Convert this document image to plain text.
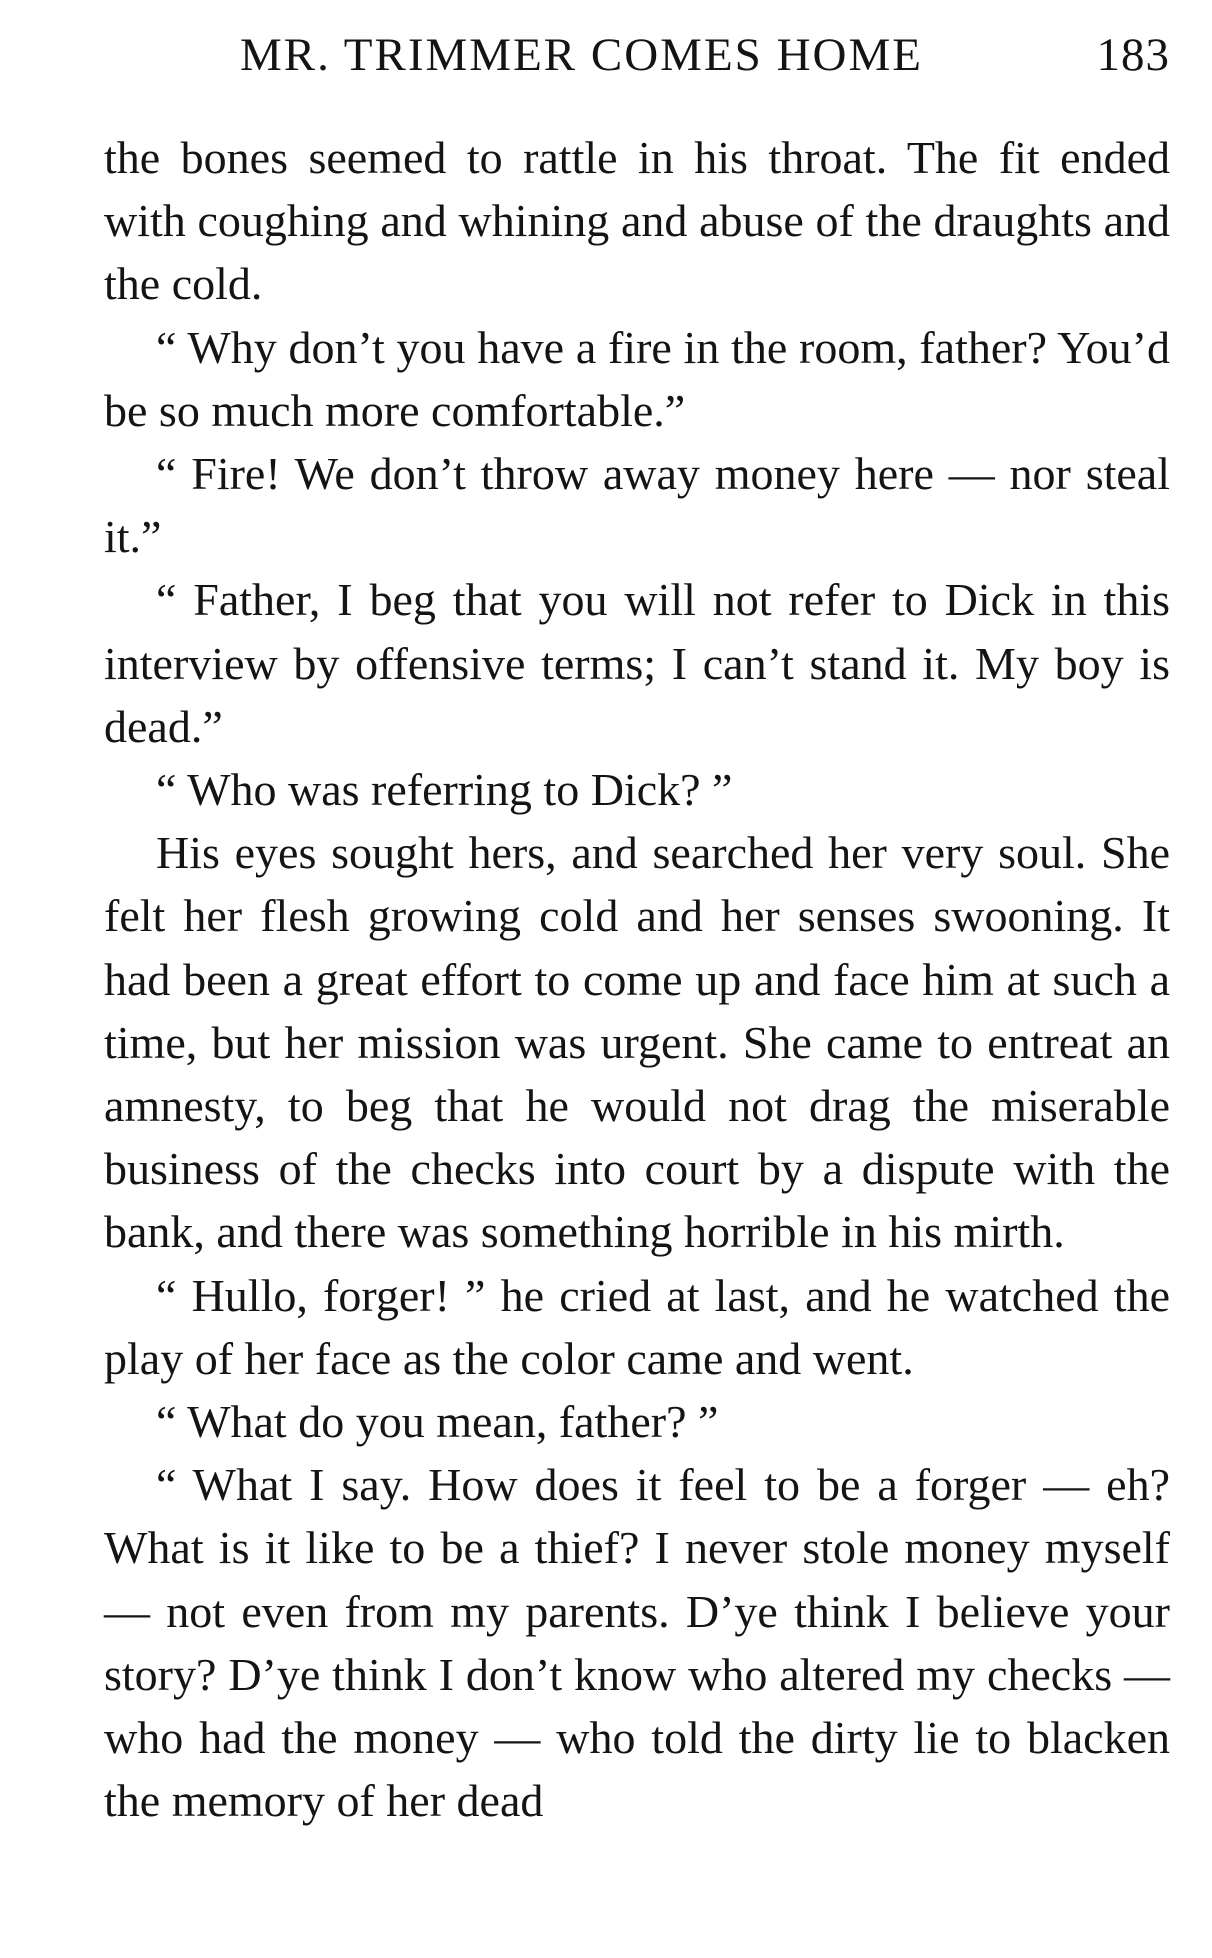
MR. TRIMMER COMES HOME	183

the bones seemed to rattle in his throat. The fit ended with coughing and whining and abuse of the draughts and the cold.

“ Why don’t you have a fire in the room, father? You’d be so much more comfortable.”

“ Fire! We don’t throw away money here — nor steal it.”

“ Father, I beg that you will not refer to Dick in this interview by offensive terms; I can’t stand it. My boy is dead.”

“ Who was referring to Dick? ”

His eyes sought hers, and searched her very soul. She felt her flesh growing cold and her senses swooning. It had been a great effort to come up and face him at such a time, but her mission was urgent. She came to entreat an amnesty, to beg that he would not drag the miserable business of the checks into court by a dispute with the bank, and there was something horrible in his mirth.

“ Hullo, forger! ” he cried at last, and he watched the play of her face as the color came and went.

“ What do you mean, father? ”

“ What I say. How does it feel to be a forger — eh? What is it like to be a thief? I never stole money myself — not even from my parents. D’ye think I believe your story? D’ye think I don’t know who altered my checks — who had the money — who told the dirty lie to blacken the memory of her dead
